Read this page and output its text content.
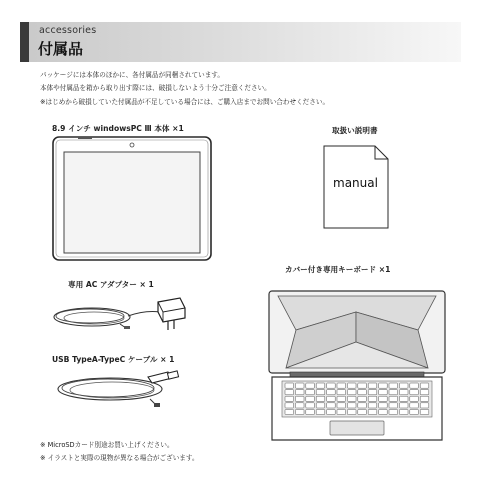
accessories
付属品
パッケージには本体のほかに、各付属品が同梱されています。
本体や付属品を箱から取り出す際には、破損しないよう十分ご注意ください。
※はじめから破損していた付属品が不足している場合には、ご購入店までお問い合わせください。
8.9 インチ windowsPC Ⅲ 本体 ×1	取扱い説明書
manual
専用 AC アダプター × 1
USB TypeA-TypeC ケーブル × 1
カバー付き専用キーボード ×1
※ MicroSDカード別途お買い上げください。
※ イラストと実際の現物が異なる場合がございます。
